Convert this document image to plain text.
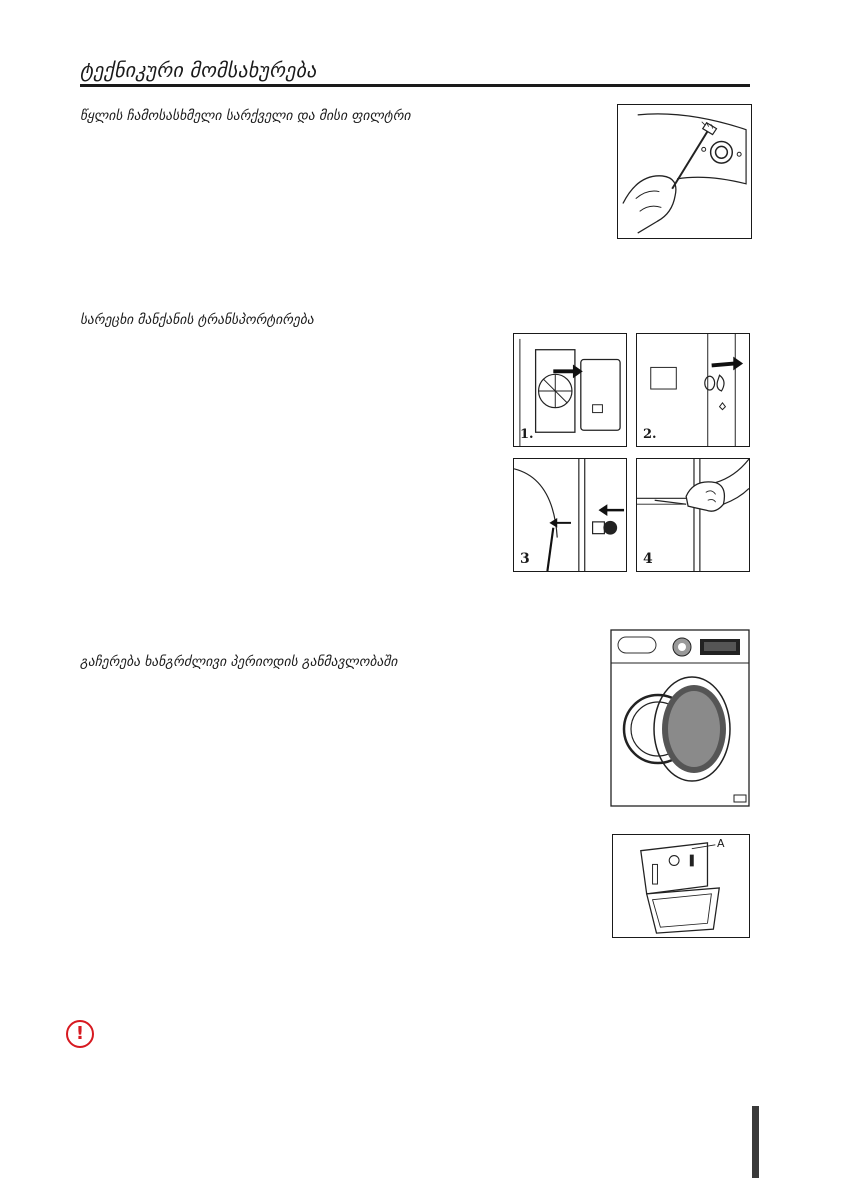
ტექნიკური მომსახურება
წყლის ჩამოსასხმელი სარქველი და მისი ფილტრი
სარეცხი მანქანის ტრანსპორტირება
1.	2.
3	4
გაჩერება ხანგრძლივი პერიოდის განმავლობაში
A
!
